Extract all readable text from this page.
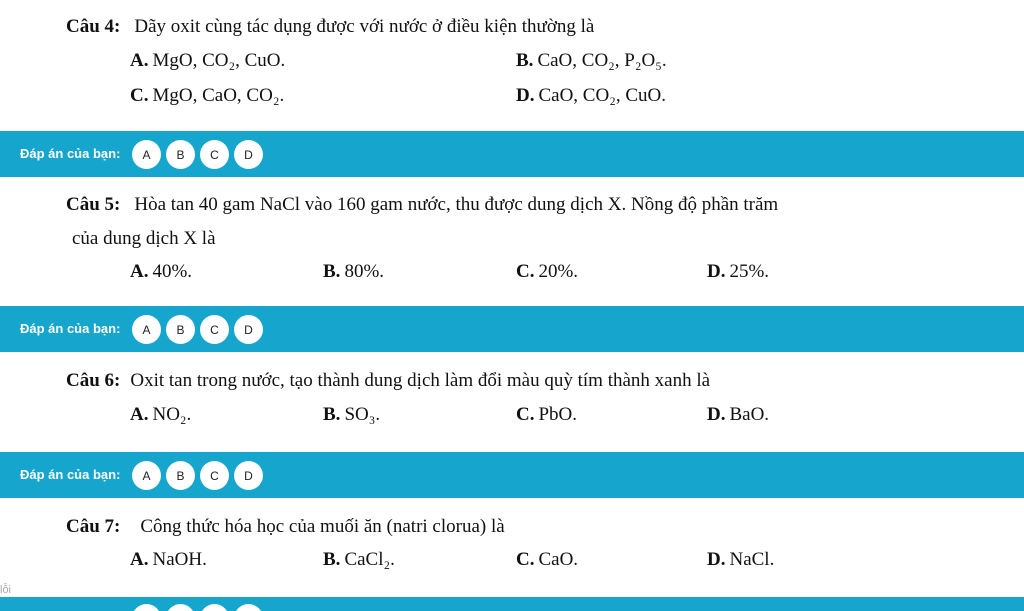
Câu 4: Dãy oxit cùng tác dụng được với nước ở điều kiện thường là
A. MgO, CO₂, CuO.	B. CaO, CO₂, P₂O₅.
C. MgO, CaO, CO₂.	D. CaO, CO₂, CuO.
Đáp án của bạn:	A	B	C	D
Câu 5: Hòa tan 40 gam NaCl vào 160 gam nước, thu được dung dịch X. Nồng độ phần trăm
của dung dịch X là
A. 40%.	B. 80%.	C. 20%.	D. 25%.
Đáp án của bạn:	A	B	C	D
Câu 6: Oxit tan trong nước, tạo thành dung dịch làm đổi màu quỳ tím thành xanh là
A. NO₂.	B. SO₃.	C. PbO.	D. BaO.
Đáp án của bạn:	A	B	C	D
Câu 7: Công thức hóa học của muối ăn (natri clorua) là
A. NaOH.	B. CaCl₂.	C. CaO.	D. NaCl.
lỗi
